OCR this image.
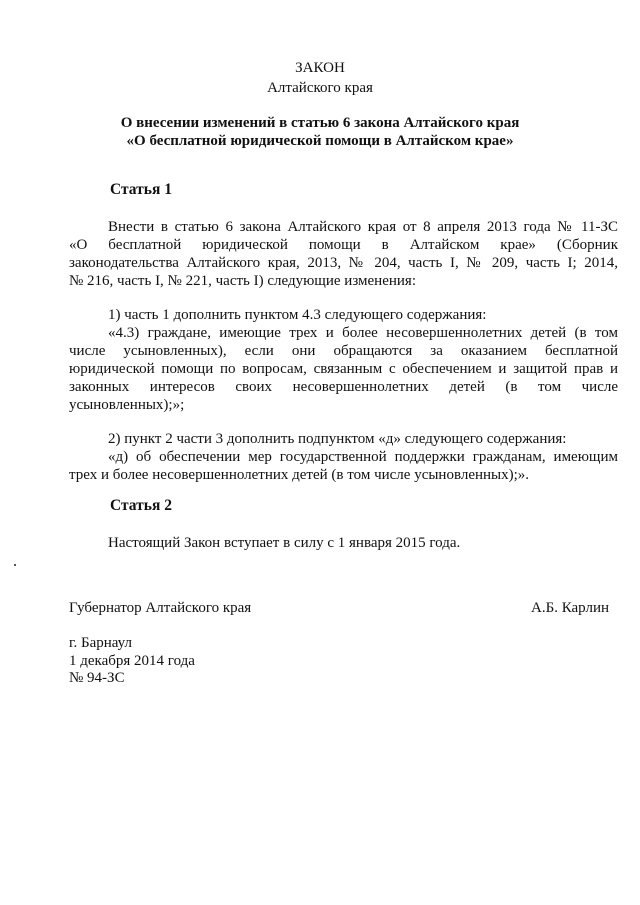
ЗАКОН
Алтайского края
О внесении изменений в статью 6 закона Алтайского края
«О бесплатной юридической помощи в Алтайском крае»
Статья 1
Внести в статью 6 закона Алтайского края от 8 апреля 2013 года № 11-ЗС
«О бесплатной юридической помощи в Алтайском крае» (Сборник
законодательства Алтайского края, 2013, № 204, часть I, № 209, часть I; 2014,
№ 216, часть I, № 221, часть I) следующие изменения:
1) часть 1 дополнить пунктом 4.3 следующего содержания:
«4.3) граждане, имеющие трех и более несовершеннолетних детей (в том
числе усыновленных), если они обращаются за оказанием бесплатной
юридической помощи по вопросам, связанным с обеспечением и защитой прав и
законных интересов своих несовершеннолетних детей (в том числе
усыновленных);»;
2) пункт 2 части 3 дополнить подпунктом «д» следующего содержания:
«д) об обеспечении мер государственной поддержки гражданам, имеющим
трех и более несовершеннолетних детей (в том числе усыновленных);».
Статья 2
Настоящий Закон вступает в силу с 1 января 2015 года.
Губернатор Алтайского края	А.Б. Карлин
г. Барнаул
1 декабря 2014 года
№ 94-ЗС
